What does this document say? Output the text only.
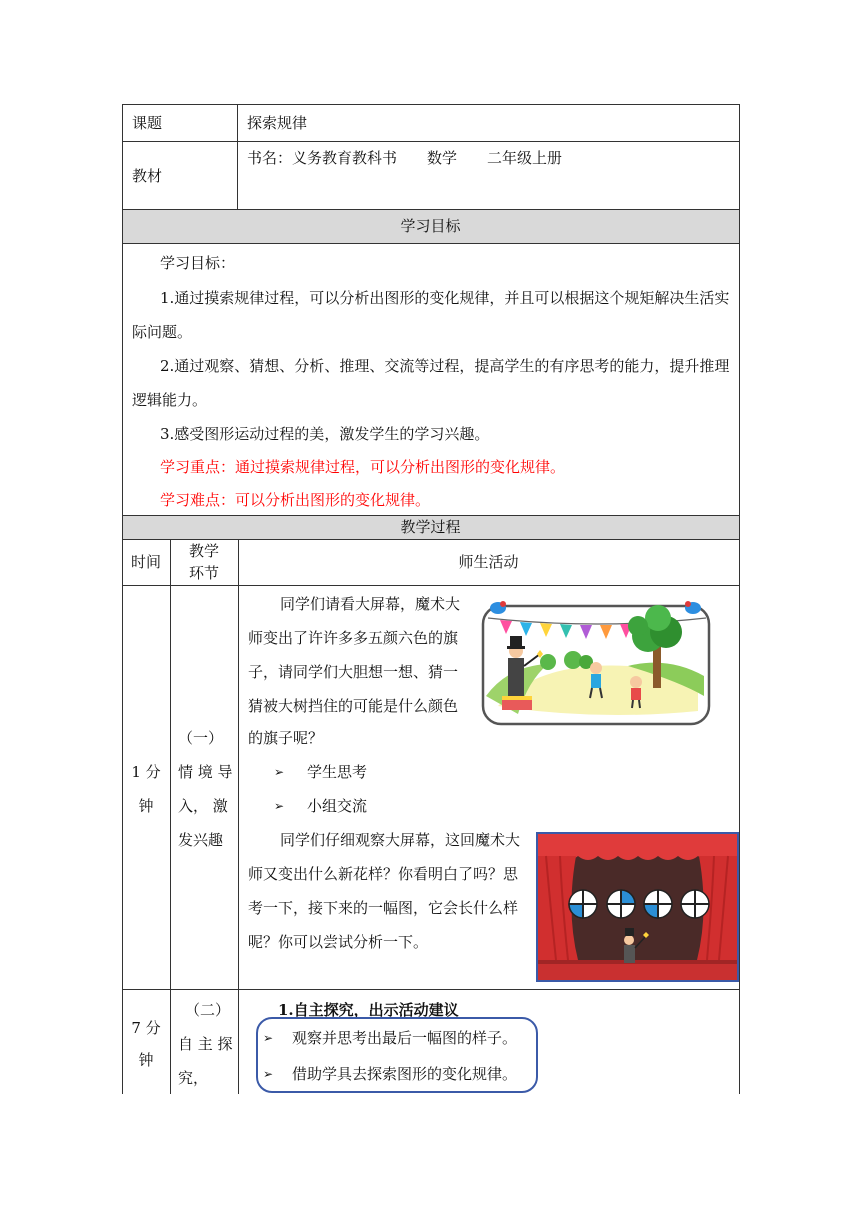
课题	探索规律
教材
书名：义务教育教科书　　数学　　二年级上册
学习目标
学习目标：
1.通过摸索规律过程，可以分析出图形的变化规律，并且可以根据这个规矩解决生活实
际问题。
2.通过观察、猜想、分析、推理、交流等过程，提高学生的有序思考的能力，提升推理
逻辑能力。
3.感受图形运动过程的美，激发学生的学习兴趣。
学习重点：通过摸索规律过程，可以分析出图形的变化规律。
学习难点：可以分析出图形的变化规律。
教学过程
时间
教学
环节
师生活动
1 分
钟
（一）
情 境 导
入， 激
发兴趣
同学们请看大屏幕，魔术大
师变出了许许多多五颜六色的旗
子，请同学们大胆想一想、猜一
猜被大树挡住的可能是什么颜色
的旗子呢？
➢ 学生思考
➢ 小组交流
同学们仔细观察大屏幕，这回魔术大
师又变出什么新花样？你看明白了吗？思
考一下，接下来的一幅图，它会长什么样
呢？你可以尝试分析一下。
7 分
钟
（二）
自 主 探
究，
1.自主探究，出示活动建议
➢ 观察并思考出最后一幅图的样子。
➢ 借助学具去探索图形的变化规律。
